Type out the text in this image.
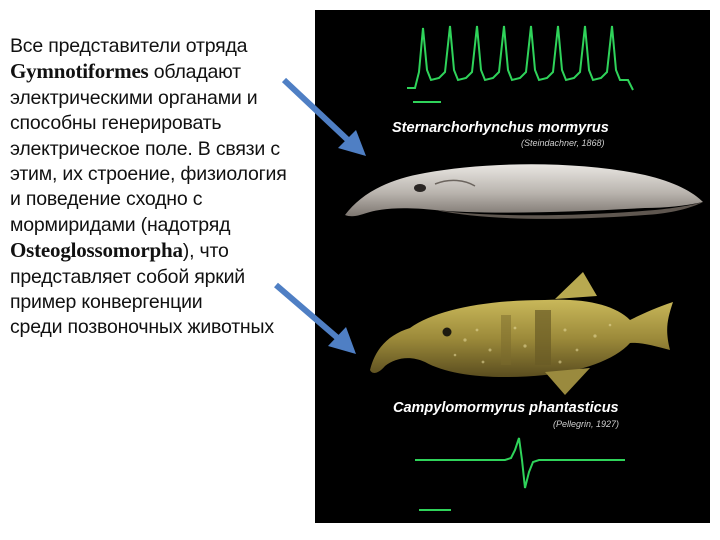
Все представители отряда
Gymnotiformes обладают
электрическими органами и
способны генерировать
электрическое поле. В связи с
этим, их строение, физиология
и поведение сходно с
мормиридами (надотряд
Osteoglossomorpha), что
представляет собой яркий
пример конвергенции
среди позвоночных животных
Sternarchorhynchus mormyrus
(Steindachner, 1868)
Campylomormyrus phantasticus
(Pellegrin, 1927)
